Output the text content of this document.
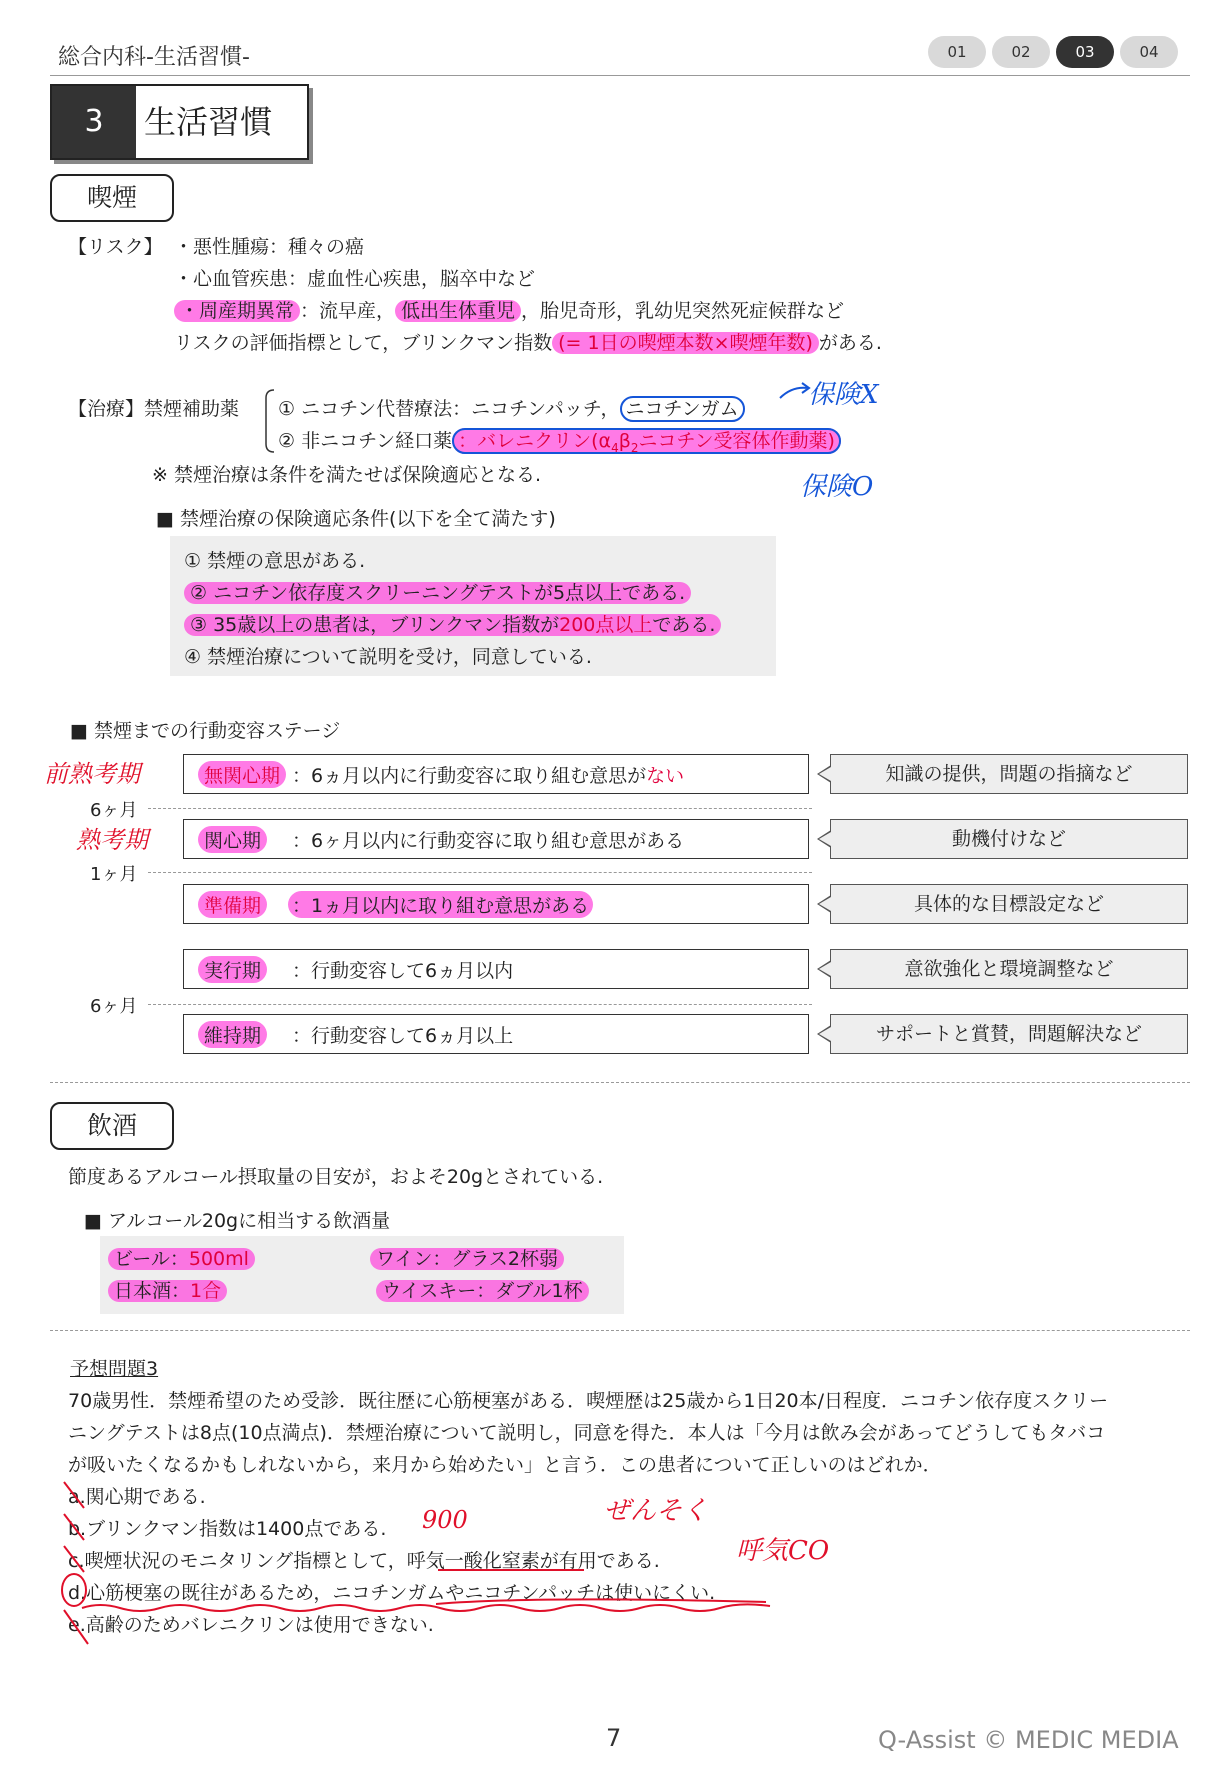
総合内科-生活習慣-	01	02	03	04
3	生活習慣
喫煙
【リスク】 ・悪性腫瘍：種々の癌
・心血管疾患：虚血性心疾患，脳卒中など
・周産期異常 ：流早産， 低出生体重児 ，胎児奇形，乳幼児突然死症候群など
リスクの評価指標として，ブリンクマン指数 (= 1日の喫煙本数×喫煙年数) がある.
【治療】禁煙補助薬 ① ニコチン代替療法：ニコチンパッチ， ニコチンガム
② 非ニコチン経口薬 ：バレニクリン($\alpha_4\beta_2$ニコチン受容体作動薬)
保険X
保険O
※ 禁煙治療は条件を満たせば保険適応となる.
■ 禁煙治療の保険適応条件(以下を全て満たす)
① 禁煙の意思がある.
② ニコチン依存度スクリーニングテストが5点以上である.
③ 35歳以上の患者は，ブリンクマン指数が200点以上である.
④ 禁煙治療について説明を受け，同意している.
■ 禁煙までの行動変容ステージ
前熟考期
熟考期
6ヶ月
1ヶ月
6ヶ月
無関心期 ：6ヵ月以内に行動変容に取り組む意思がない	知識の提供，問題の指摘など
関心期	：6ヶ月以内に行動変容に取り組む意思がある	動機付けなど
準備期	：1ヵ月以内に取り組む意思がある	具体的な目標設定など
実行期	：行動変容して6ヵ月以内	意欲強化と環境調整など
維持期	：行動変容して6ヵ月以上	サポートと賞賛，問題解決など
飲酒
節度あるアルコール摂取量の目安が，およそ20gとされている.
■ アルコール20gに相当する飲酒量
ビール：500ml
日本酒：1合
ワイン：グラス2杯弱
ウイスキー：ダブル1杯
予想問題3
70歳男性．禁煙希望のため受診．既往歴に心筋梗塞がある．喫煙歴は25歳から1日20本/日程度．ニコチン依存度スクリー
ニングテストは8点(10点満点)．禁煙治療について説明し，同意を得た．本人は「今月は飲み会があってどうしてもタバコ
が吸いたくなるかもしれないから，来月から始めたい」と言う．この患者について正しいのはどれか．
a.関心期である.
b.ブリンクマン指数は1400点である.
c.喫煙状況のモニタリング指標として，呼気一酸化窒素が有用である.
d.心筋梗塞の既往があるため，ニコチンガムやニコチンパッチは使いにくい.
e.高齢のためバレニクリンは使用できない.
900	ぜんそく
呼気CO
7	Q-Assist © MEDIC MEDIA
